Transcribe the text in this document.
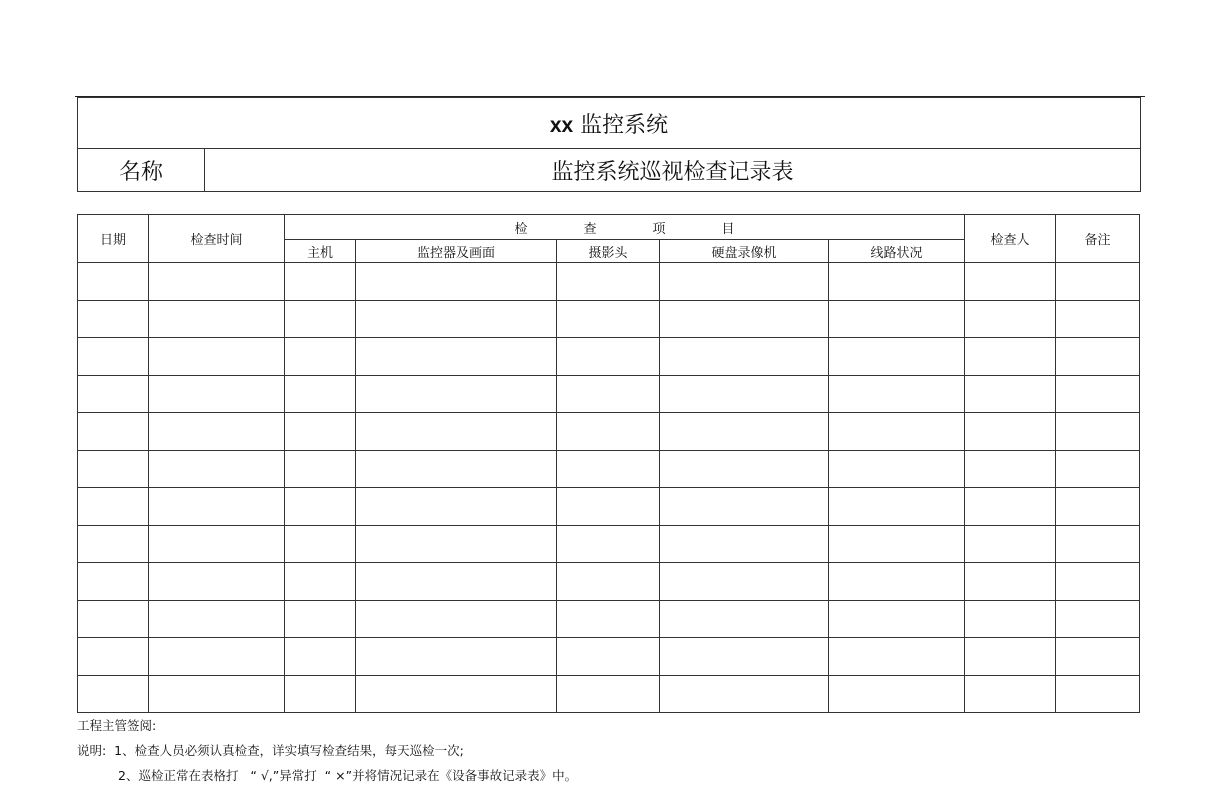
xx 监控系统
名称	监控系统巡视检查记录表
日期	检查时间	检 查 项 目					检查人	备注
		主机	监控器及画面	摄影头	硬盘录像机	线路状况		

工程主管签阅:
说明:  1、检查人员必须认真检查，详实填写检查结果，每天巡检一次;
2、巡检正常在表格打   “ √,”异常打  “ ×”并将情况记录在《设备事故记录表》中。
